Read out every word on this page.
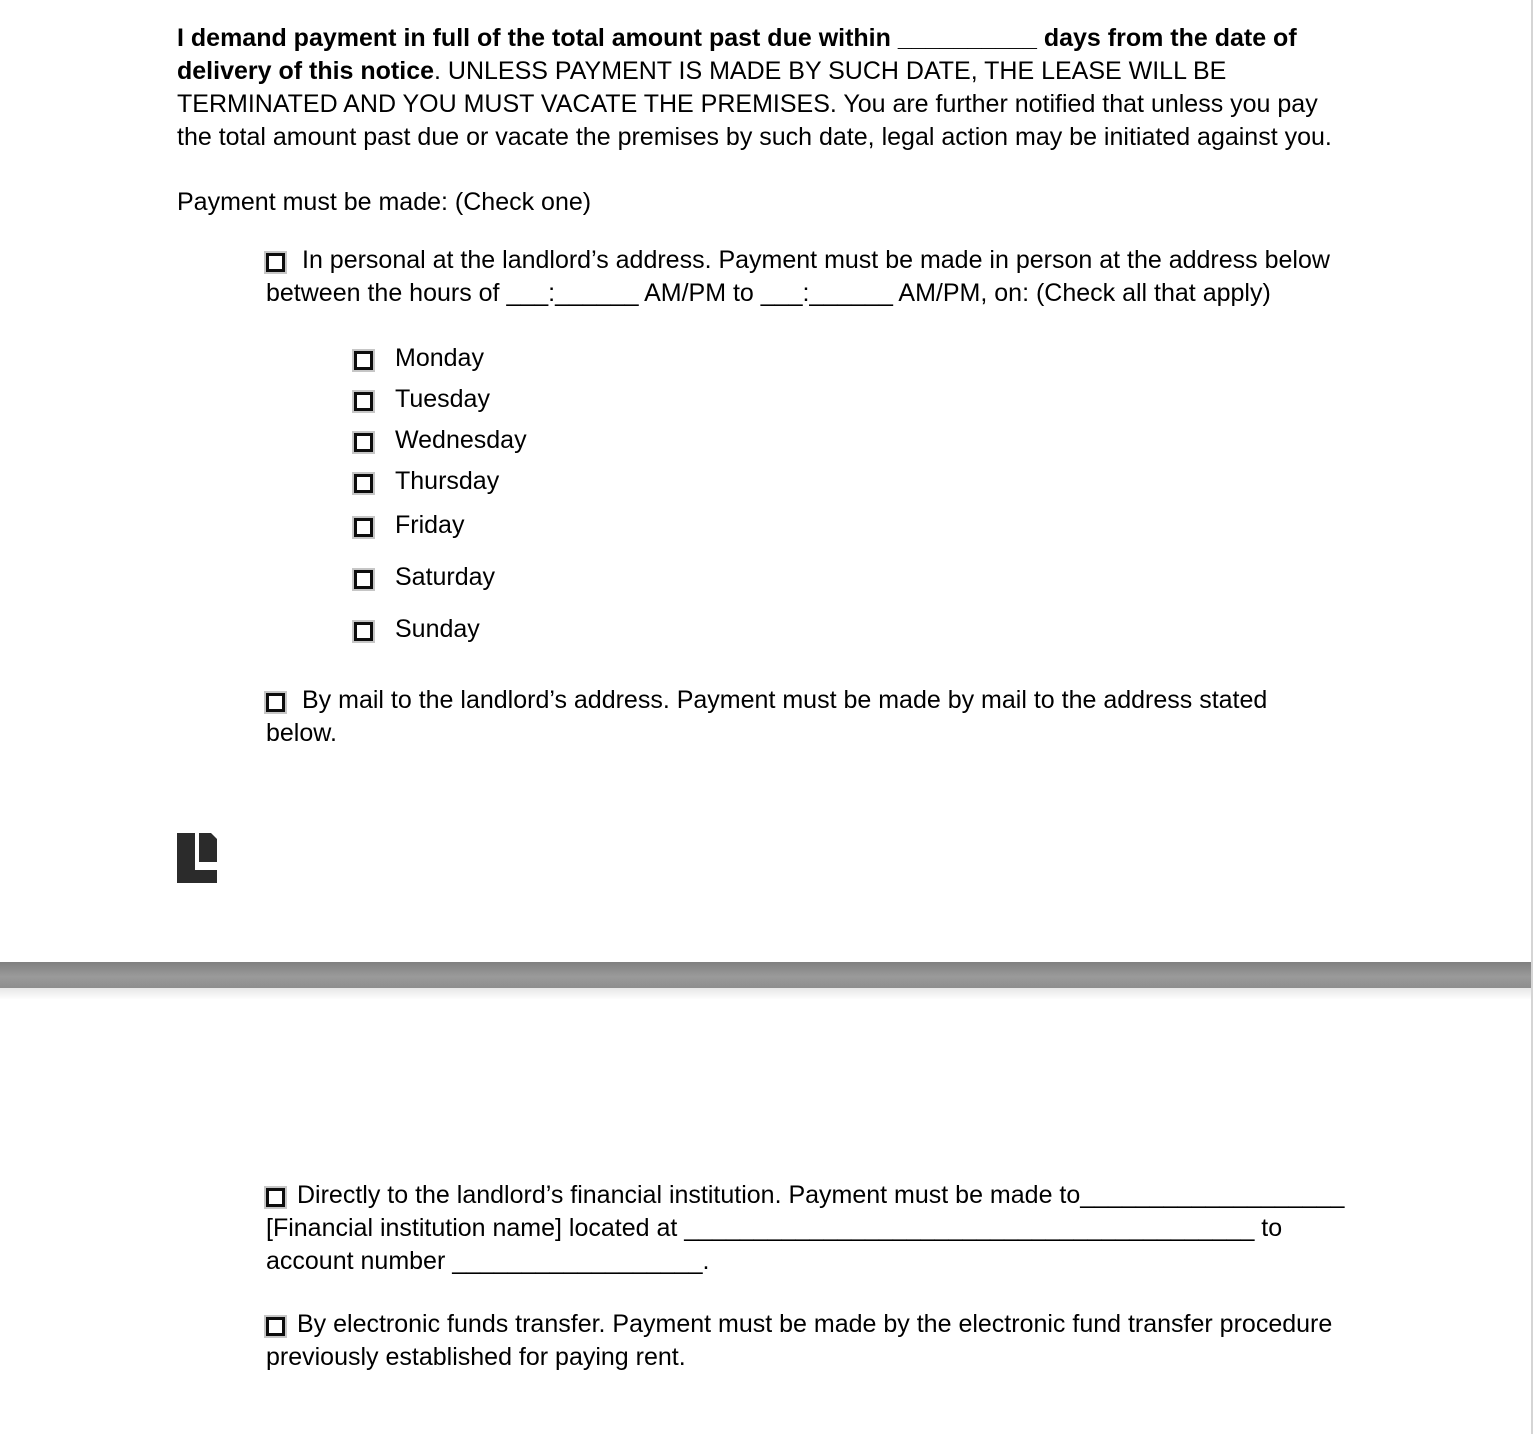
I demand payment in full of the total amount past due within __________ days from the date of
delivery of this notice. UNLESS PAYMENT IS MADE BY SUCH DATE, THE LEASE WILL BE
TERMINATED AND YOU MUST VACATE THE PREMISES. You are further notified that unless you pay
the total amount past due or vacate the premises by such date, legal action may be initiated against you.
Payment must be made: (Check one)
In personal at the landlord’s address. Payment must be made in person at the address below
between the hours of ___:______ AM/PM to ___:______ AM/PM, on: (Check all that apply)
Monday
Tuesday
Wednesday
Thursday
Friday
Saturday
Sunday
By mail to the landlord’s address. Payment must be made by mail to the address stated
below.
Directly to the landlord’s financial institution. Payment must be made to___________________
[Financial institution name] located at _________________________________________ to
account number __________________.
By electronic funds transfer. Payment must be made by the electronic fund transfer procedure
previously established for paying rent.
